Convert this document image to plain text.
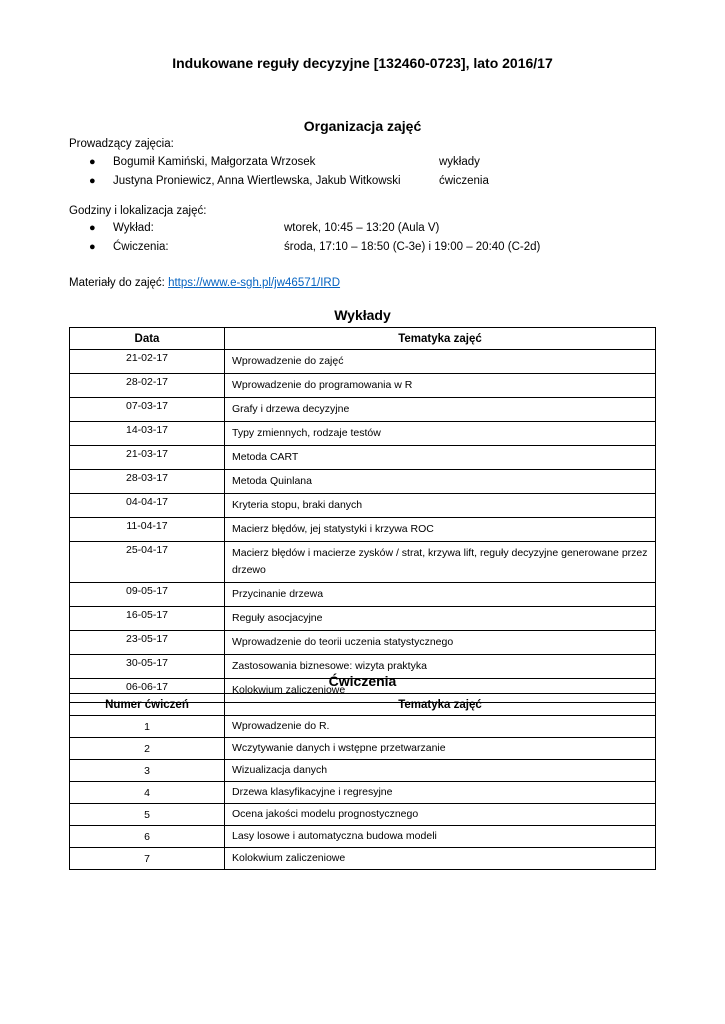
Indukowane reguły decyzyjne [132460-0723], lato 2016/17
Organizacja zajęć
Prowadzący zajęcia:
● Bogumił Kamiński, Małgorzata Wrzosek	wykłady
● Justyna Proniewicz, Anna Wiertlewska, Jakub Witkowski	ćwiczenia
Godziny i lokalizacja zajęć:
● Wykład:	wtorek, 10:45 – 13:20 (Aula V)
● Ćwiczenia:	środa, 17:10 – 18:50 (C-3e) i 19:00 – 20:40 (C-2d)
Materiały do zajęć: https://www.e-sgh.pl/jw46571/IRD
Wykłady
Data	Tematyka zajęć
21-02-17	Wprowadzenie do zajęć
28-02-17	Wprowadzenie do programowania w R
07-03-17	Grafy i drzewa decyzyjne
14-03-17	Typy zmiennych, rodzaje testów
21-03-17	Metoda CART
28-03-17	Metoda Quinlana
04-04-17	Kryteria stopu, braki danych
11-04-17	Macierz błędów, jej statystyki i krzywa ROC
25-04-17	Macierz błędów i macierze zysków / strat, krzywa lift, reguły decyzyjne generowane przez drzewo
09-05-17	Przycinanie drzewa
16-05-17	Reguły asocjacyjne
23-05-17	Wprowadzenie do teorii uczenia statystycznego
30-05-17	Zastosowania biznesowe: wizyta praktyka
06-06-17	Kolokwium zaliczeniowe
Ćwiczenia
Numer ćwiczeń	Tematyka zajęć
1	Wprowadzenie do R.
2	Wczytywanie danych i wstępne przetwarzanie
3	Wizualizacja danych
4	Drzewa klasyfikacyjne i regresyjne
5	Ocena jakości modelu prognostycznego
6	Lasy losowe i automatyczna budowa modeli
7	Kolokwium zaliczeniowe
